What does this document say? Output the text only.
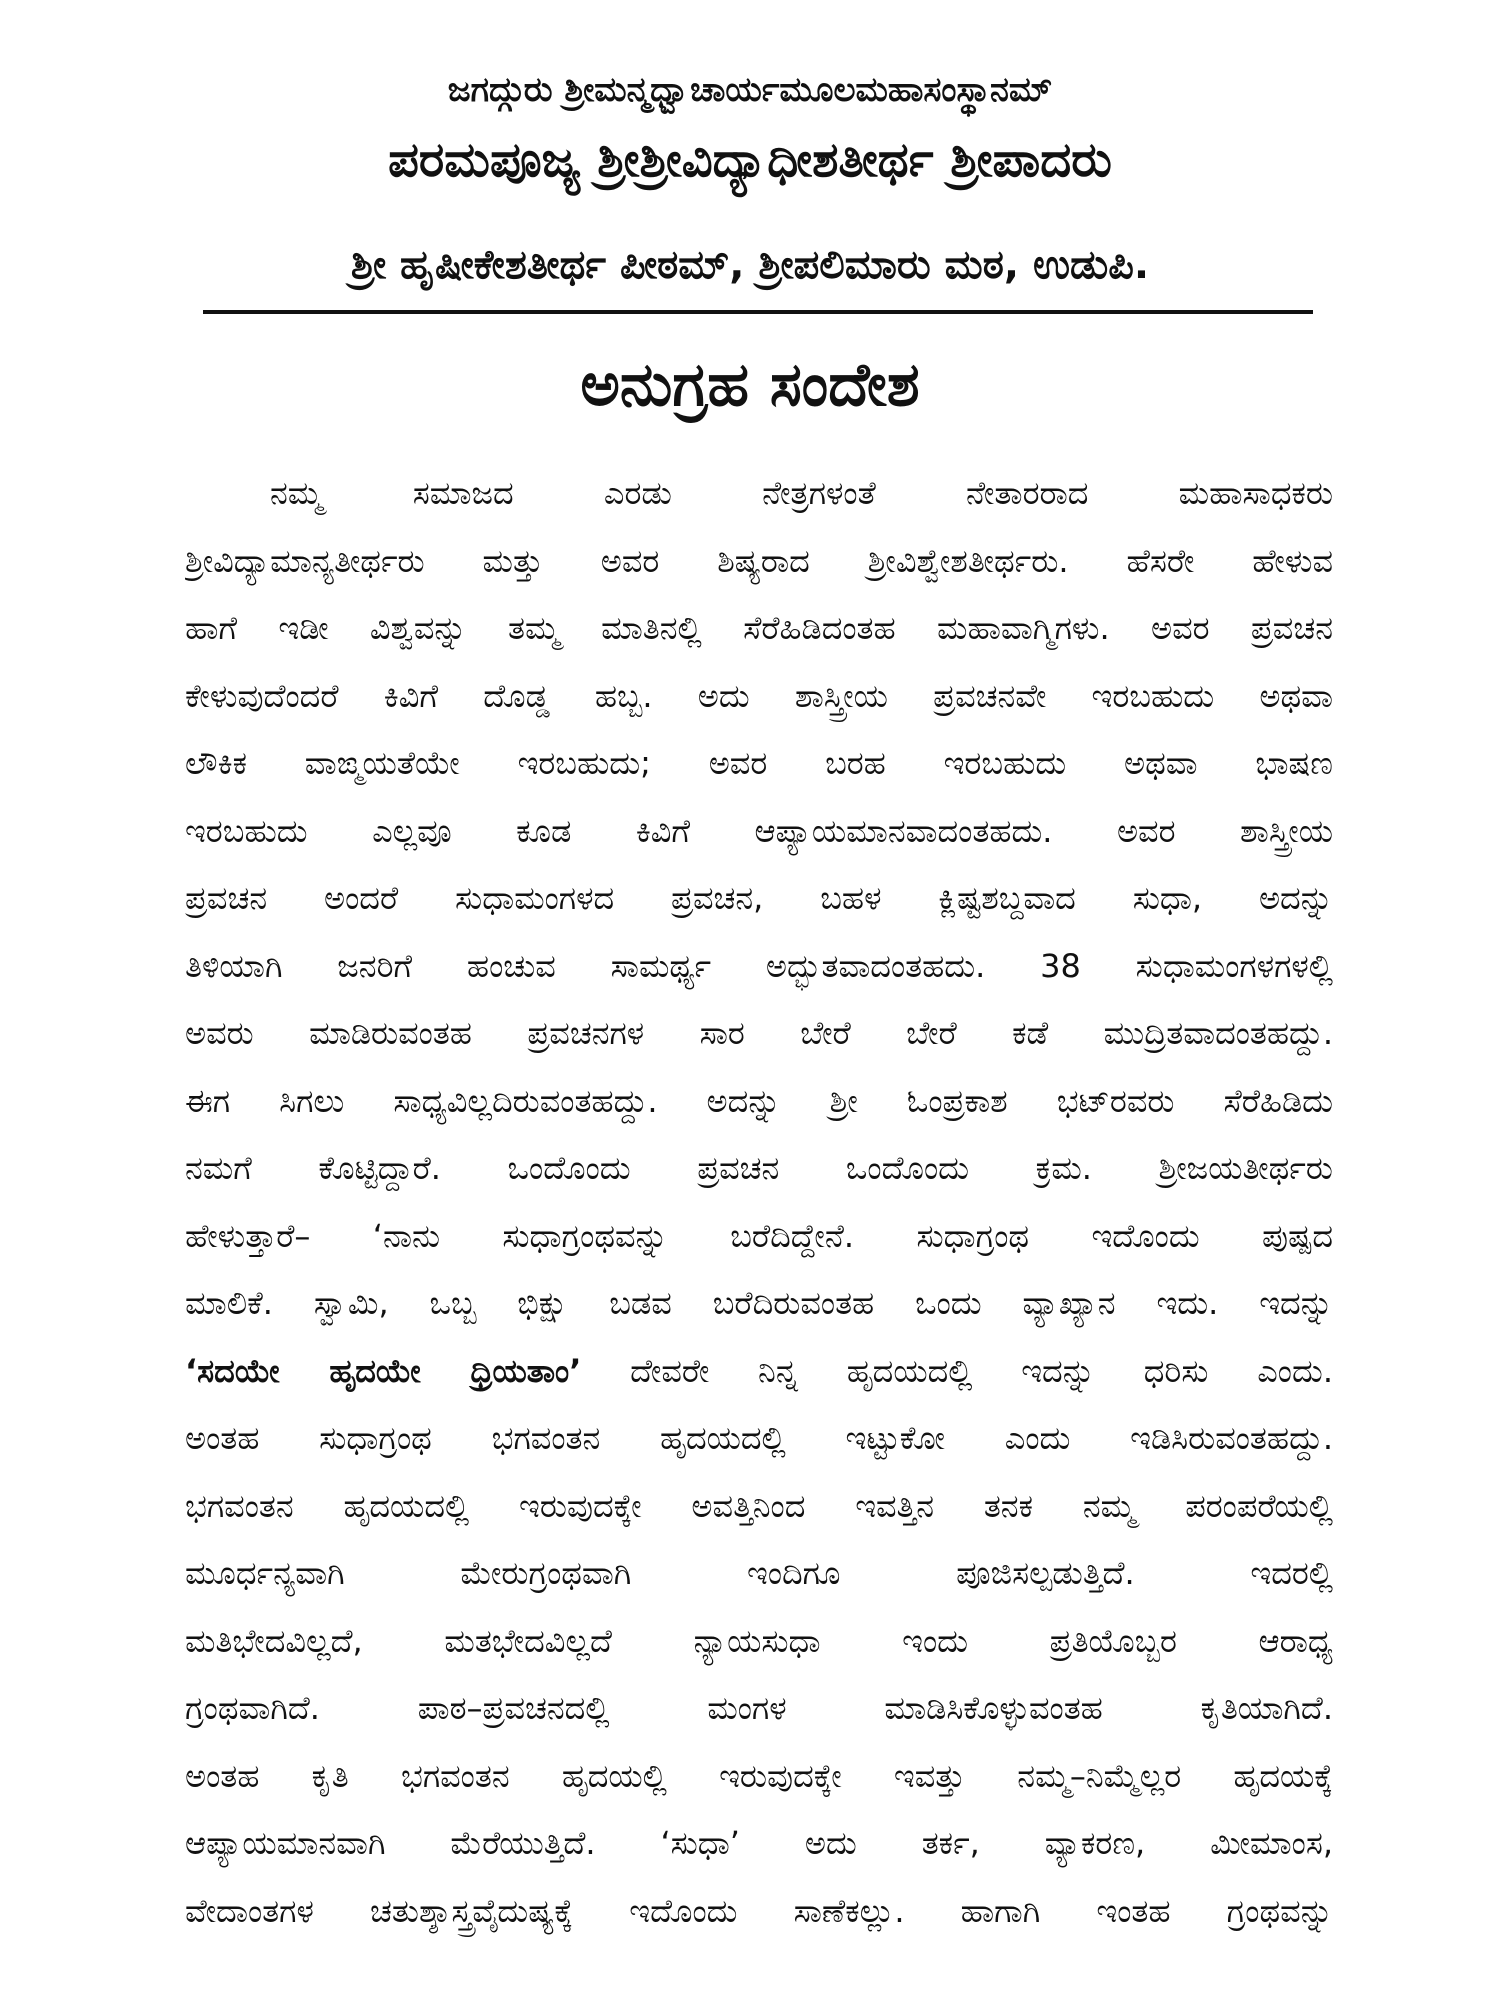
ಜಗದ್ಗುರು ಶ್ರೀಮನ್ಮಧ್ವಾಚಾರ್ಯಮೂಲಮಹಾಸಂಸ್ಥಾನಮ್
ಪರಮಪೂಜ್ಯ ಶ್ರೀಶ್ರೀವಿದ್ಯಾಧೀಶತೀರ್ಥ ಶ್ರೀಪಾದರು
ಶ್ರೀ ಹೃಷೀಕೇಶತೀರ್ಥ ಪೀಠಮ್, ಶ್ರೀಪಲಿಮಾರು ಮಠ, ಉಡುಪಿ.
ಅನುಗ್ರಹ ಸಂದೇಶ
ನಮ್ಮ ಸಮಾಜದ ಎರಡು ನೇತ್ರಗಳಂತೆ ನೇತಾರರಾದ ಮಹಾಸಾಧಕರು
ಶ್ರೀವಿದ್ಯಾಮಾನ್ಯತೀರ್ಥರು ಮತ್ತು ಅವರ ಶಿಷ್ಯರಾದ ಶ್ರೀವಿಶ್ವೇಶತೀರ್ಥರು. ಹೆಸರೇ ಹೇಳುವ
ಹಾಗೆ ಇಡೀ ವಿಶ್ವವನ್ನು ತಮ್ಮ ಮಾತಿನಲ್ಲಿ ಸೆರೆಹಿಡಿದಂತಹ ಮಹಾವಾಗ್ಮಿಗಳು. ಅವರ ಪ್ರವಚನ
ಕೇಳುವುದೆಂದರೆ ಕಿವಿಗೆ ದೊಡ್ಡ ಹಬ್ಬ. ಅದು ಶಾಸ್ತ್ರೀಯ ಪ್ರವಚನವೇ ಇರಬಹುದು ಅಥವಾ
ಲೌಕಿಕ ವಾಙ್ಮಯತೆಯೇ ಇರಬಹುದು; ಅವರ ಬರಹ ಇರಬಹುದು ಅಥವಾ ಭಾಷಣ
ಇರಬಹುದು ಎಲ್ಲವೂ ಕೂಡ ಕಿವಿಗೆ ಆಪ್ಯಾಯಮಾನವಾದಂತಹದು. ಅವರ ಶಾಸ್ತ್ರೀಯ
ಪ್ರವಚನ ಅಂದರೆ ಸುಧಾಮಂಗಳದ ಪ್ರವಚನ, ಬಹಳ ಕ್ಲಿಷ್ಟಶಬ್ದವಾದ ಸುಧಾ, ಅದನ್ನು
ತಿಳಿಯಾಗಿ ಜನರಿಗೆ ಹಂಚುವ ಸಾಮರ್ಥ್ಯ ಅದ್ಭುತವಾದಂತಹದು. 38 ಸುಧಾಮಂಗಳಗಳಲ್ಲಿ
ಅವರು ಮಾಡಿರುವಂತಹ ಪ್ರವಚನಗಳ ಸಾರ ಬೇರೆ ಬೇರೆ ಕಡೆ ಮುದ್ರಿತವಾದಂತಹದ್ದು.
ಈಗ ಸಿಗಲು ಸಾಧ್ಯವಿಲ್ಲದಿರುವಂತಹದ್ದು. ಅದನ್ನು ಶ್ರೀ ಓಂಪ್ರಕಾಶ ಭಟ್‌ರವರು ಸೆರೆಹಿಡಿದು
ನಮಗೆ ಕೊಟ್ಟಿದ್ದಾರೆ. ಒಂದೊಂದು ಪ್ರವಚನ ಒಂದೊಂದು ಕ್ರಮ. ಶ್ರೀಜಯತೀರ್ಥರು
ಹೇಳುತ್ತಾರೆ– ‘ನಾನು ಸುಧಾಗ್ರಂಥವನ್ನು ಬರೆದಿದ್ದೇನೆ. ಸುಧಾಗ್ರಂಥ ಇದೊಂದು ಪುಷ್ಪದ
ಮಾಲಿಕೆ. ಸ್ವಾಮಿ, ಒಬ್ಬ ಭಿಕ್ಷು ಬಡವ ಬರೆದಿರುವಂತಹ ಒಂದು ವ್ಯಾಖ್ಯಾನ ಇದು. ಇದನ್ನು
‘ಸದಯೇ ಹೃದಯೇ ಧ್ರಿಯತಾಂ’ ದೇವರೇ ನಿನ್ನ ಹೃದಯದಲ್ಲಿ ಇದನ್ನು ಧರಿಸು ಎಂದು.
ಅಂತಹ ಸುಧಾಗ್ರಂಥ ಭಗವಂತನ ಹೃದಯದಲ್ಲಿ ಇಟ್ಟುಕೋ ಎಂದು ಇಡಿಸಿರುವಂತಹದ್ದು.
ಭಗವಂತನ ಹೃದಯದಲ್ಲಿ ಇರುವುದಕ್ಕೇ ಅವತ್ತಿನಿಂದ ಇವತ್ತಿನ ತನಕ ನಮ್ಮ ಪರಂಪರೆಯಲ್ಲಿ
ಮೂರ್ಧನ್ಯವಾಗಿ ಮೇರುಗ್ರಂಥವಾಗಿ ಇಂದಿಗೂ ಪೂಜಿಸಲ್ಪಡುತ್ತಿದೆ. ಇದರಲ್ಲಿ
ಮತಿಭೇದವಿಲ್ಲದೆ, ಮತಭೇದವಿಲ್ಲದೆ ನ್ಯಾಯಸುಧಾ ಇಂದು ಪ್ರತಿಯೊಬ್ಬರ ಆರಾಧ್ಯ
ಗ್ರಂಥವಾಗಿದೆ. ಪಾಠ–ಪ್ರವಚನದಲ್ಲಿ ಮಂಗಳ ಮಾಡಿಸಿಕೊಳ್ಳುವಂತಹ ಕೃತಿಯಾಗಿದೆ.
ಅಂತಹ ಕೃತಿ ಭಗವಂತನ ಹೃದಯಲ್ಲಿ ಇರುವುದಕ್ಕೇ ಇವತ್ತು ನಮ್ಮ–ನಿಮ್ಮೆಲ್ಲರ ಹೃದಯಕ್ಕೆ
ಆಪ್ಯಾಯಮಾನವಾಗಿ ಮೆರೆಯುತ್ತಿದೆ. ‘ಸುಧಾ’ ಅದು ತರ್ಕ, ವ್ಯಾಕರಣ, ಮೀಮಾಂಸ,
ವೇದಾಂತಗಳ ಚತುಶ್ಶಾಸ್ತ್ರವೈದುಷ್ಯಕ್ಕೆ ಇದೊಂದು ಸಾಣೆಕಲ್ಲು. ಹಾಗಾಗಿ ಇಂತಹ ಗ್ರಂಥವನ್ನು
